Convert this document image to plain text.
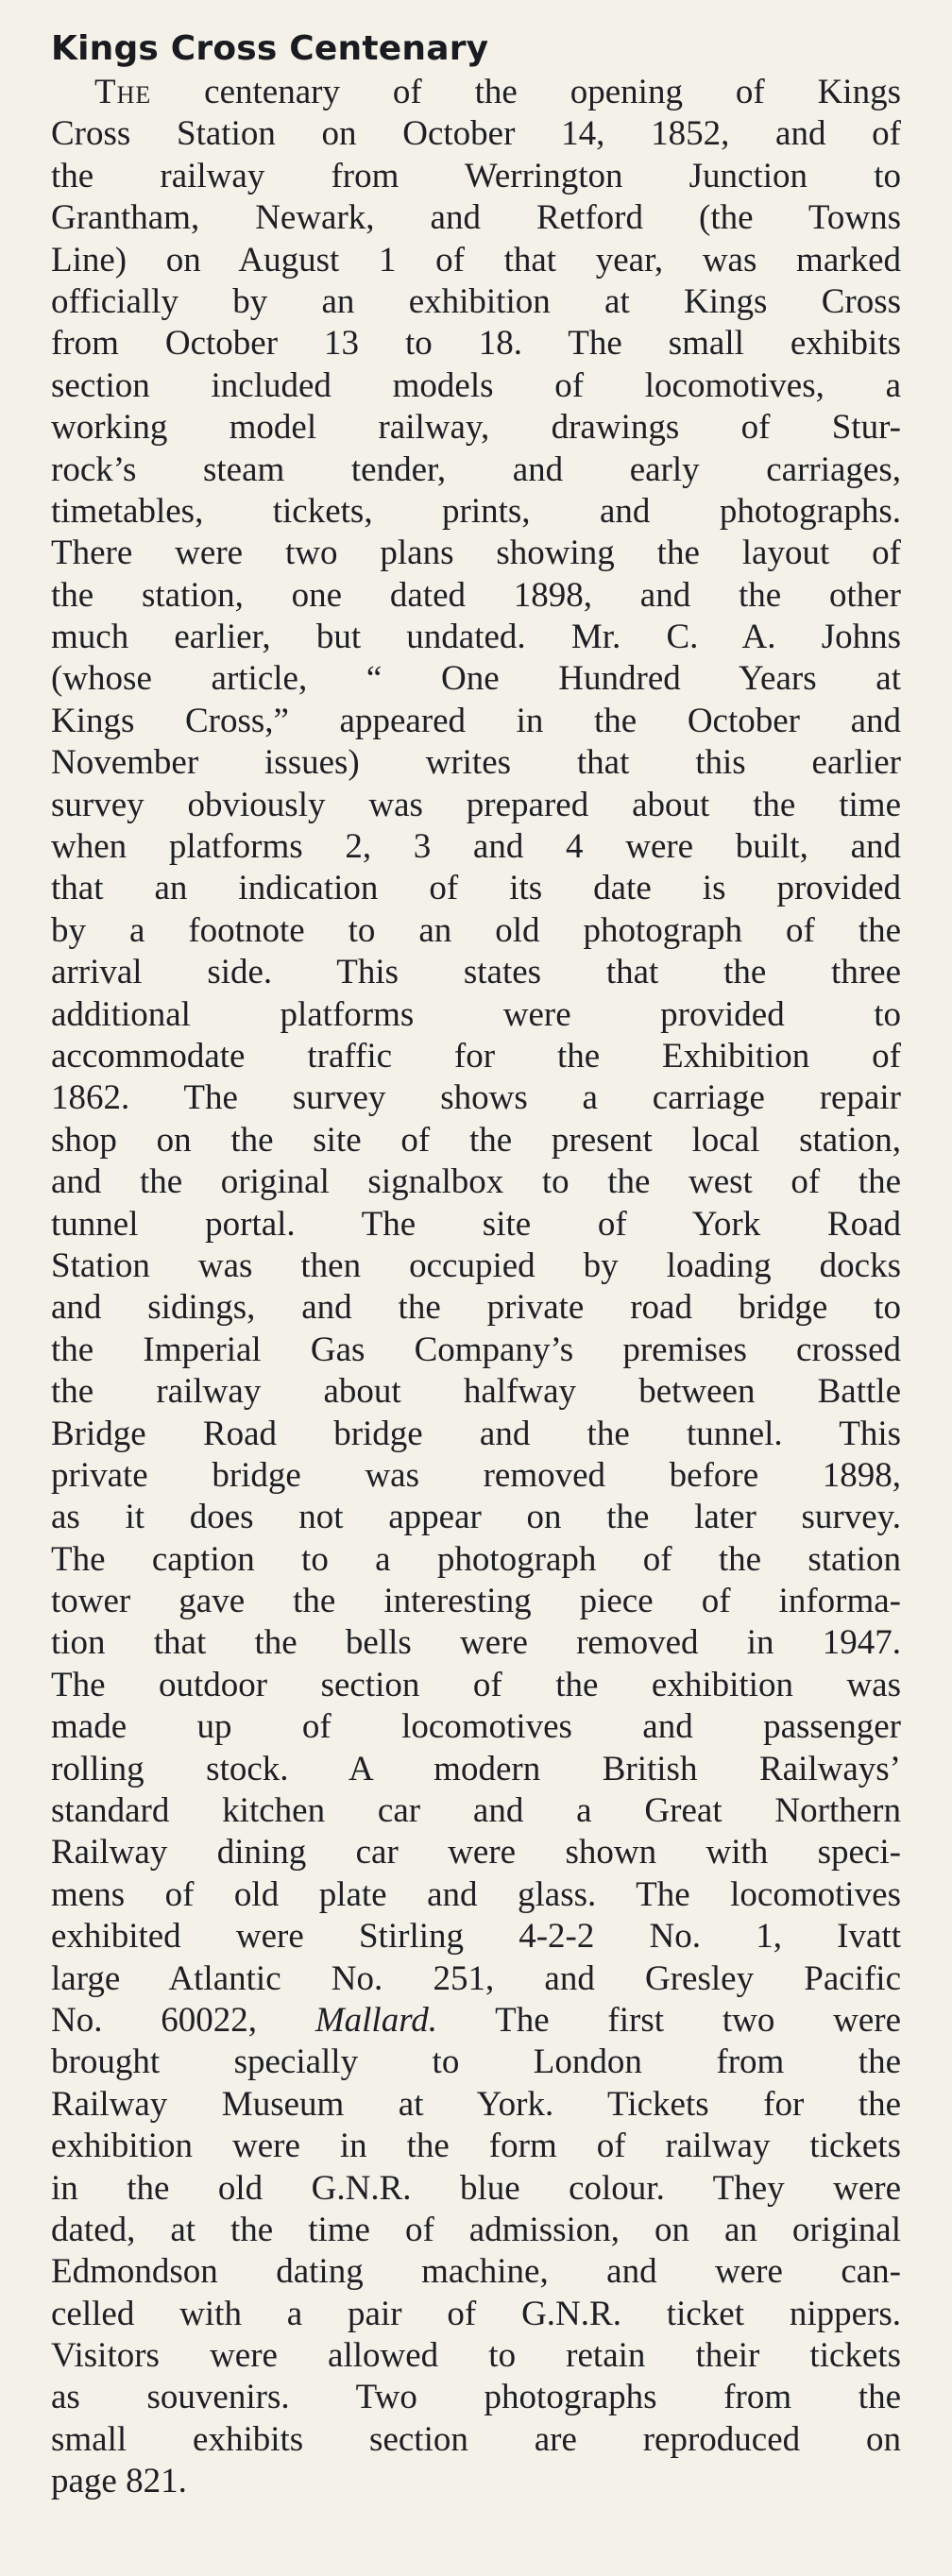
Kings Cross Centenary
The centenary of the opening of Kings
Cross Station on October 14, 1852, and of
the railway from Werrington Junction to
Grantham, Newark, and Retford (the Towns
Line) on August 1 of that year, was marked
officially by an exhibition at Kings Cross
from October 13 to 18. The small exhibits
section included models of locomotives, a
working model railway, drawings of Stur-
rock’s steam tender, and early carriages,
timetables, tickets, prints, and photographs.
There were two plans showing the layout of
the station, one dated 1898, and the other
much earlier, but undated. Mr. C. A. Johns
(whose article, “ One Hundred Years at
Kings Cross,” appeared in the October and
November issues) writes that this earlier
survey obviously was prepared about the time
when platforms 2, 3 and 4 were built, and
that an indication of its date is provided
by a footnote to an old photograph of the
arrival side. This states that the three
additional platforms were provided to
accommodate traffic for the Exhibition of
1862. The survey shows a carriage repair
shop on the site of the present local station,
and the original signalbox to the west of the
tunnel portal. The site of York Road
Station was then occupied by loading docks
and sidings, and the private road bridge to
the Imperial Gas Company’s premises crossed
the railway about halfway between Battle
Bridge Road bridge and the tunnel. This
private bridge was removed before 1898,
as it does not appear on the later survey.
The caption to a photograph of the station
tower gave the interesting piece of informa-
tion that the bells were removed in 1947.
The outdoor section of the exhibition was
made up of locomotives and passenger
rolling stock. A modern British Railways’
standard kitchen car and a Great Northern
Railway dining car were shown with speci-
mens of old plate and glass. The locomotives
exhibited were Stirling 4-2-2 No. 1, Ivatt
large Atlantic No. 251, and Gresley Pacific
No. 60022, Mallard. The first two were
brought specially to London from the
Railway Museum at York. Tickets for the
exhibition were in the form of railway tickets
in the old G.N.R. blue colour. They were
dated, at the time of admission, on an original
Edmondson dating machine, and were can-
celled with a pair of G.N.R. ticket nippers.
Visitors were allowed to retain their tickets
as souvenirs. Two photographs from the
small exhibits section are reproduced on
page 821.
